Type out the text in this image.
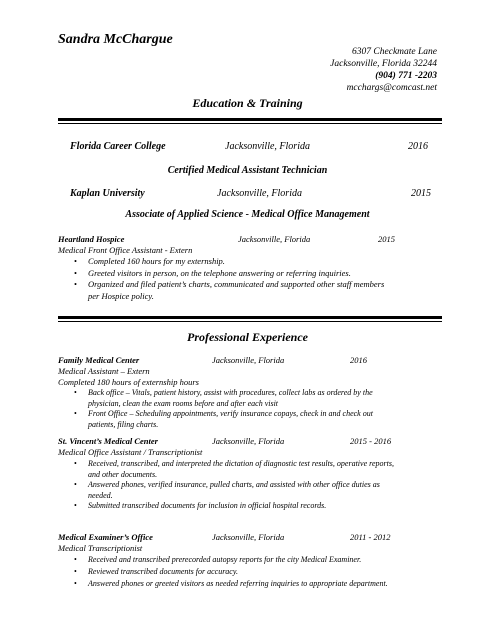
Sandra McChargue
6307 Checkmate Lane
Jacksonville, Florida 32244
(904) 771 -2203
mcchargs@comcast.net
Education & Training
Florida Career College	Jacksonville, Florida	2016
Certified Medical Assistant Technician
Kaplan University	Jacksonville, Florida	2015
Associate of Applied Science - Medical Office Management
Heartland Hospice	Jacksonville, Florida	2015
Medical Front Office Assistant - Extern
• Completed 160 hours for my externship.
• Greeted visitors in person, on the telephone answering or referring inquiries.
• Organized and filed patient’s charts, communicated and supported other staff members
per Hospice policy.
Professional Experience
Family Medical Center	Jacksonville, Florida	2016
Medical Assistant – Extern
Completed 180 hours of externship hours
• Back office – Vitals, patient history, assist with procedures, collect labs as ordered by the
physician, clean the exam rooms before and after each visit
• Front Office – Scheduling appointments, verify insurance copays, check in and check out
patients, filing charts.
St. Vincent’s Medical Center	Jacksonville, Florida	2015 - 2016
Medical Office Assistant / Transcriptionist
• Received, transcribed, and interpreted the dictation of diagnostic test results, operative reports,
and other documents.
• Answered phones, verified insurance, pulled charts, and assisted with other office duties as
needed.
• Submitted transcribed documents for inclusion in official hospital records.
Medical Examiner’s Office	Jacksonville, Florida	2011 - 2012
Medical Transcriptionist
• Received and transcribed prerecorded autopsy reports for the city Medical Examiner.
• Reviewed transcribed documents for accuracy.
• Answered phones or greeted visitors as needed referring inquiries to appropriate department.
